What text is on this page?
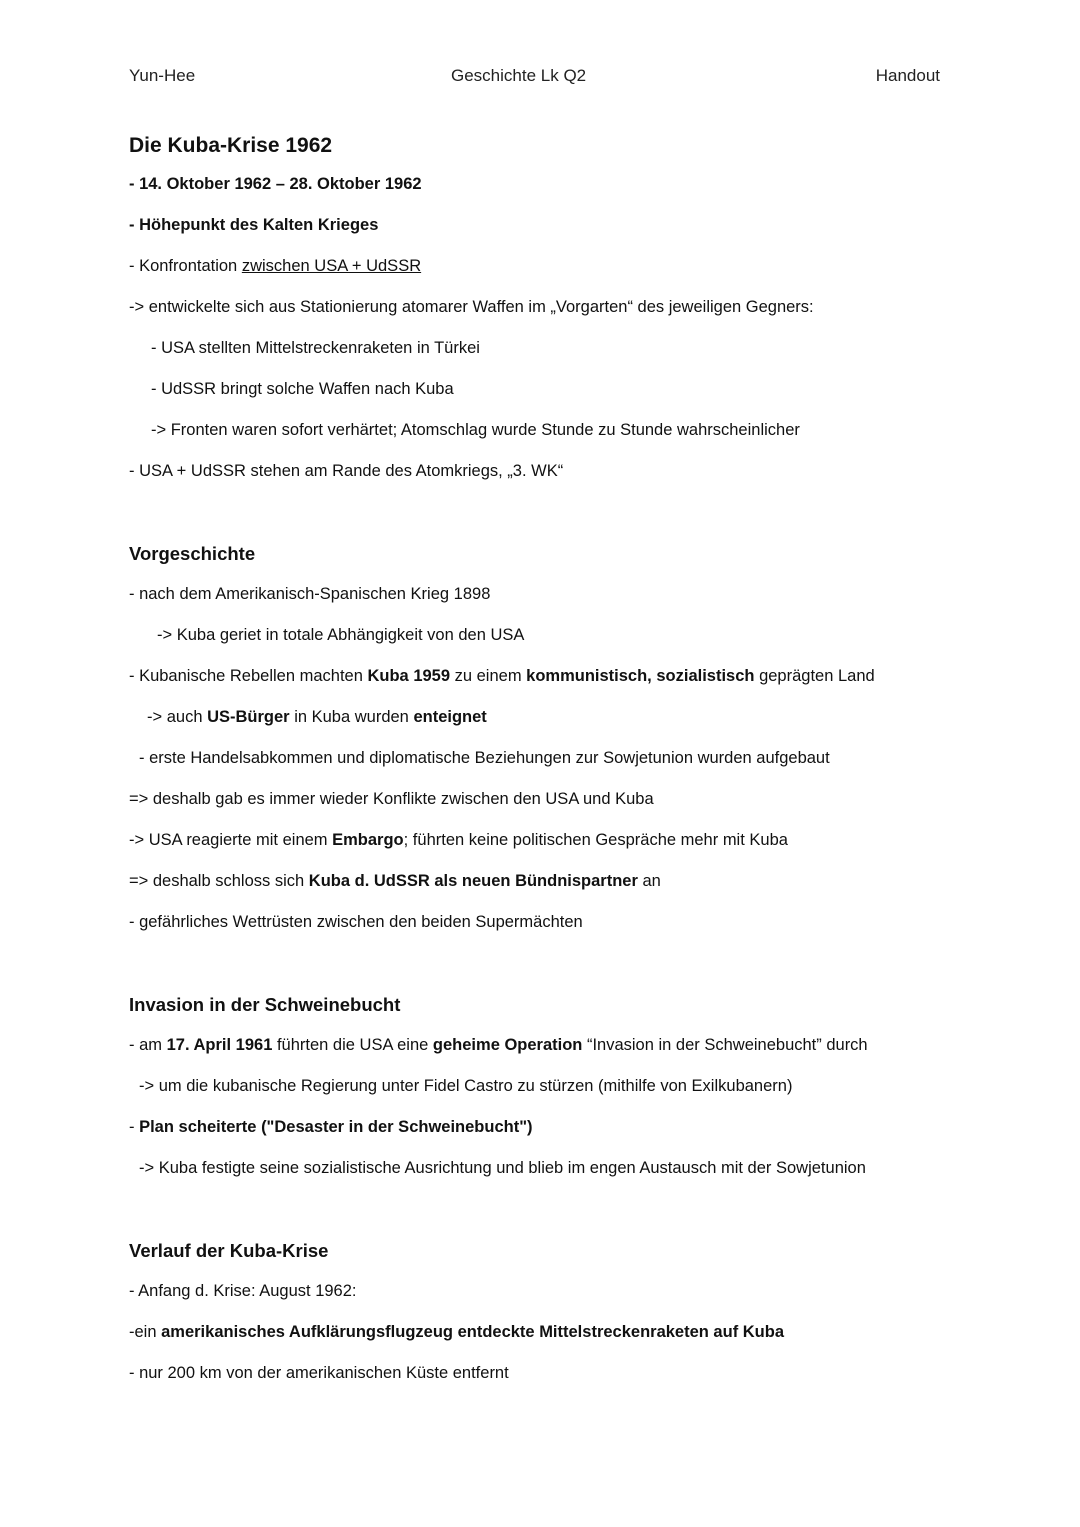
Yun-Hee	Geschichte Lk Q2	Handout
Die Kuba-Krise 1962
- 14. Oktober 1962 – 28. Oktober 1962
- Höhepunkt des Kalten Krieges
- Konfrontation zwischen USA + UdSSR
-> entwickelte sich aus Stationierung atomarer Waffen im „Vorgarten“ des jeweiligen Gegners:
- USA stellten Mittelstreckenraketen in Türkei
- UdSSR bringt solche Waffen nach Kuba
-> Fronten waren sofort verhärtet; Atomschlag wurde Stunde zu Stunde wahrscheinlicher
- USA + UdSSR stehen am Rande des Atomkriegs, „3. WK“
Vorgeschichte
- nach dem Amerikanisch-Spanischen Krieg 1898
-> Kuba geriet in totale Abhängigkeit von den USA
- Kubanische Rebellen machten Kuba 1959 zu einem kommunistisch, sozialistisch geprägten Land
-> auch US-Bürger in Kuba wurden enteignet
- erste Handelsabkommen und diplomatische Beziehungen zur Sowjetunion wurden aufgebaut
=> deshalb gab es immer wieder Konflikte zwischen den USA und Kuba
-> USA reagierte mit einem Embargo; führten keine politischen Gespräche mehr mit Kuba
=> deshalb schloss sich Kuba d. UdSSR als neuen Bündnispartner an
- gefährliches Wettrüsten zwischen den beiden Supermächten
Invasion in der Schweinebucht
- am 17. April 1961 führten die USA eine geheime Operation “Invasion in der Schweinebucht” durch
-> um die kubanische Regierung unter Fidel Castro zu stürzen (mithilfe von Exilkubanern)
- Plan scheiterte ("Desaster in der Schweinebucht")
-> Kuba festigte seine sozialistische Ausrichtung und blieb im engen Austausch mit der Sowjetunion
Verlauf der Kuba-Krise
- Anfang d. Krise: August 1962:
-ein amerikanisches Aufklärungsflugzeug entdeckte Mittelstreckenraketen auf Kuba
- nur 200 km von der amerikanischen Küste entfernt
